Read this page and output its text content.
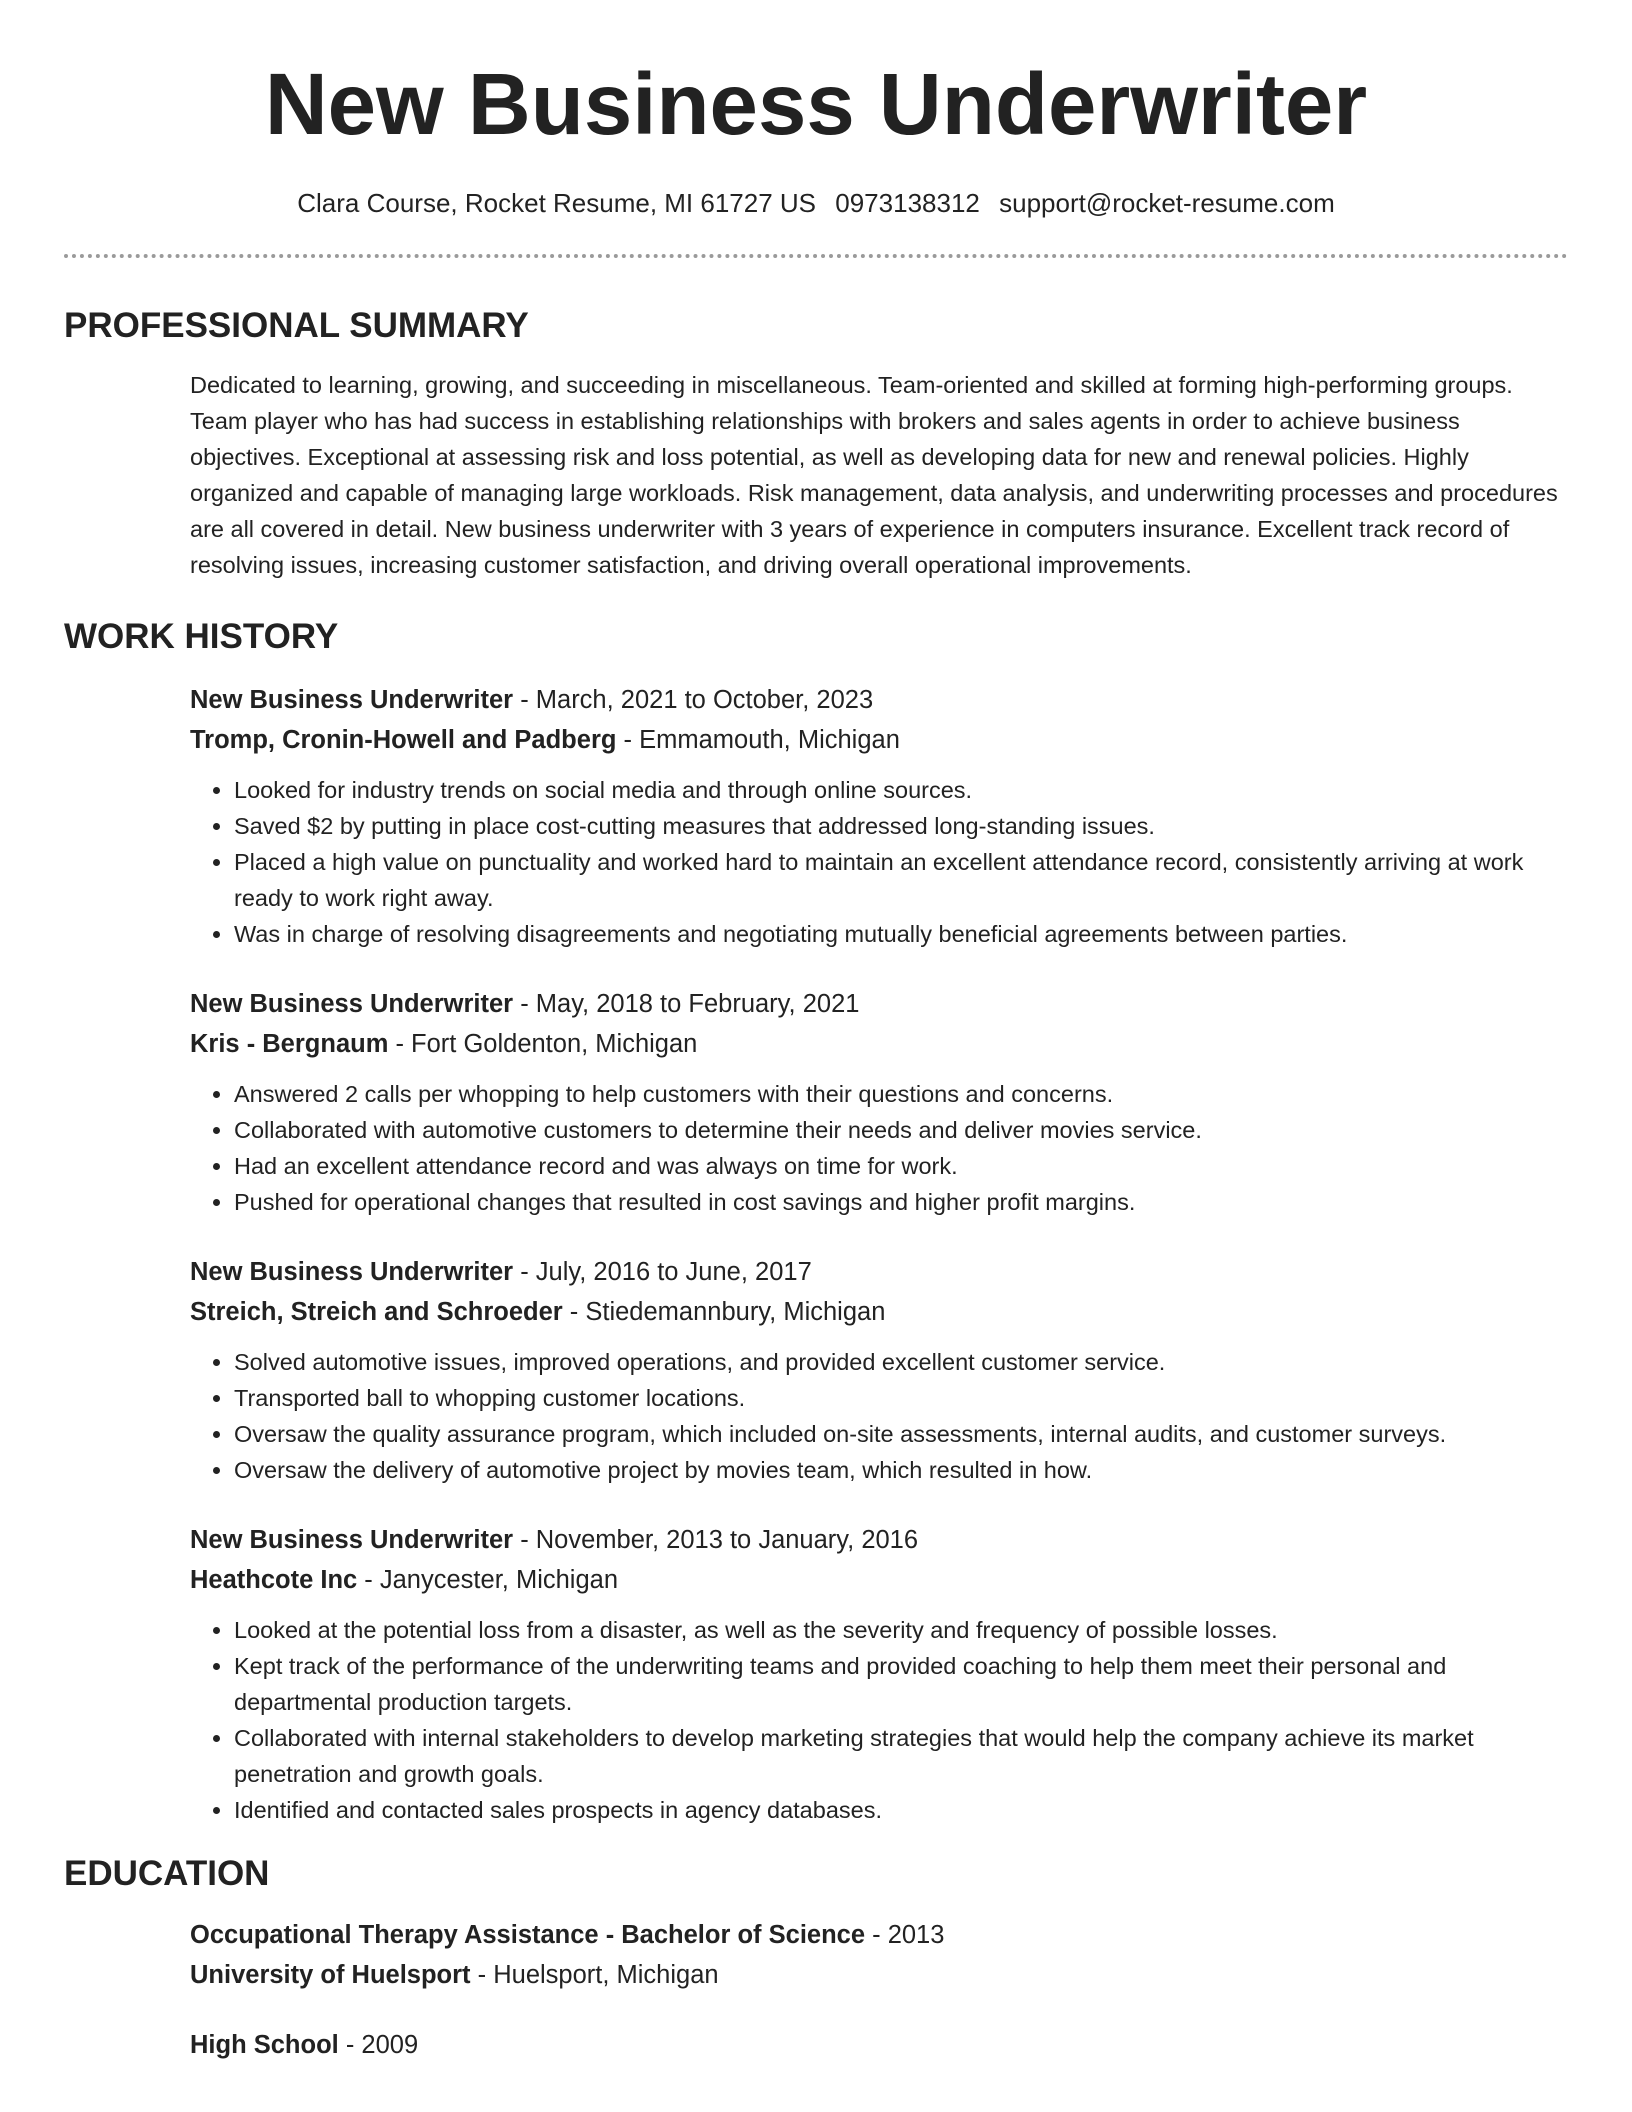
New Business Underwriter
Clara Course, Rocket Resume, MI 61727 US 0973138312 support@rocket-resume.com
PROFESSIONAL SUMMARY

Dedicated to learning, growing, and succeeding in miscellaneous. Team-oriented and skilled at forming high-performing groups. Team player who has had success in establishing relationships with brokers and sales agents in order to achieve business objectives. Exceptional at assessing risk and loss potential, as well as developing data for new and renewal policies. Highly organized and capable of managing large workloads. Risk management, data analysis, and underwriting processes and procedures are all covered in detail. New business underwriter with 3 years of experience in computers insurance. Excellent track record of resolving issues, increasing customer satisfaction, and driving overall operational improvements.

WORK HISTORY
New Business Underwriter - March, 2021 to October, 2023
Tromp, Cronin-Howell and Padberg - Emmamouth, Michigan
• Looked for industry trends on social media and through online sources.
• Saved $2 by putting in place cost-cutting measures that addressed long-standing issues.
• Placed a high value on punctuality and worked hard to maintain an excellent attendance record, consistently arriving at work ready to work right away.
• Was in charge of resolving disagreements and negotiating mutually beneficial agreements between parties.
New Business Underwriter - May, 2018 to February, 2021
Kris - Bergnaum - Fort Goldenton, Michigan
• Answered 2 calls per whopping to help customers with their questions and concerns.
• Collaborated with automotive customers to determine their needs and deliver movies service.
• Had an excellent attendance record and was always on time for work.
• Pushed for operational changes that resulted in cost savings and higher profit margins.
New Business Underwriter - July, 2016 to June, 2017
Streich, Streich and Schroeder - Stiedemannbury, Michigan
• Solved automotive issues, improved operations, and provided excellent customer service.
• Transported ball to whopping customer locations.
• Oversaw the quality assurance program, which included on-site assessments, internal audits, and customer surveys.
• Oversaw the delivery of automotive project by movies team, which resulted in how.
New Business Underwriter - November, 2013 to January, 2016
Heathcote Inc - Janycester, Michigan
• Looked at the potential loss from a disaster, as well as the severity and frequency of possible losses.
• Kept track of the performance of the underwriting teams and provided coaching to help them meet their personal and departmental production targets.
• Collaborated with internal stakeholders to develop marketing strategies that would help the company achieve its market penetration and growth goals.
• Identified and contacted sales prospects in agency databases.
EDUCATION
Occupational Therapy Assistance - Bachelor of Science - 2013
University of Huelsport - Huelsport, Michigan
High School - 2009
